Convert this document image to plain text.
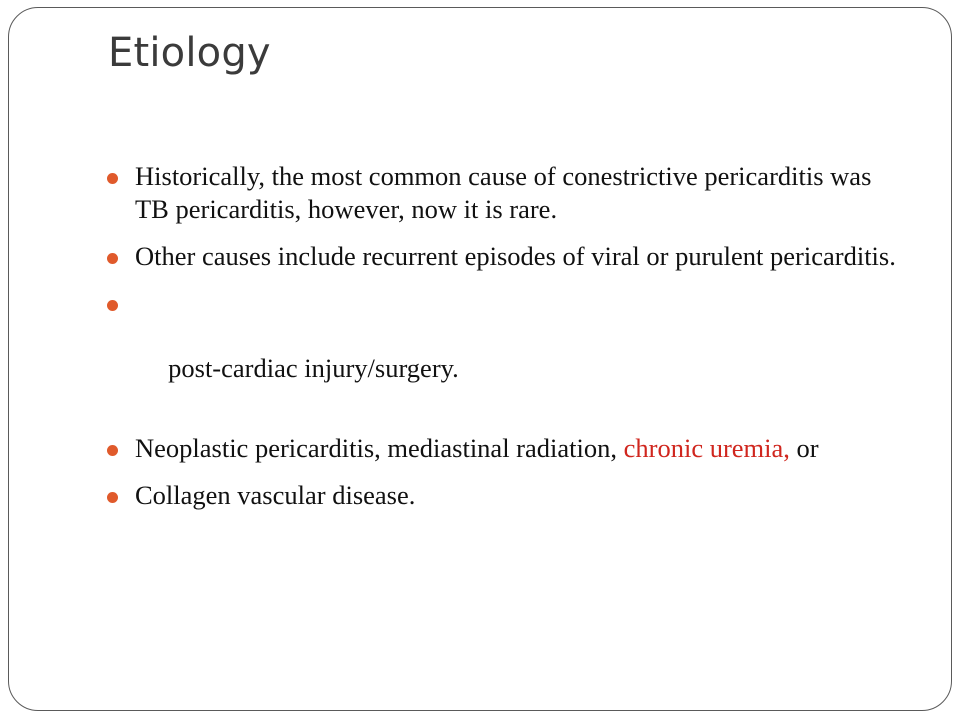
Etiology
Historically, the most common cause of conestrictive pericarditis was TB pericarditis, however, now it is rare.
Other causes include recurrent episodes of viral or purulent pericarditis.

post-cardiac injury/surgery.

Neoplastic pericarditis, mediastinal radiation, chronic uremia, or
Collagen vascular disease.
